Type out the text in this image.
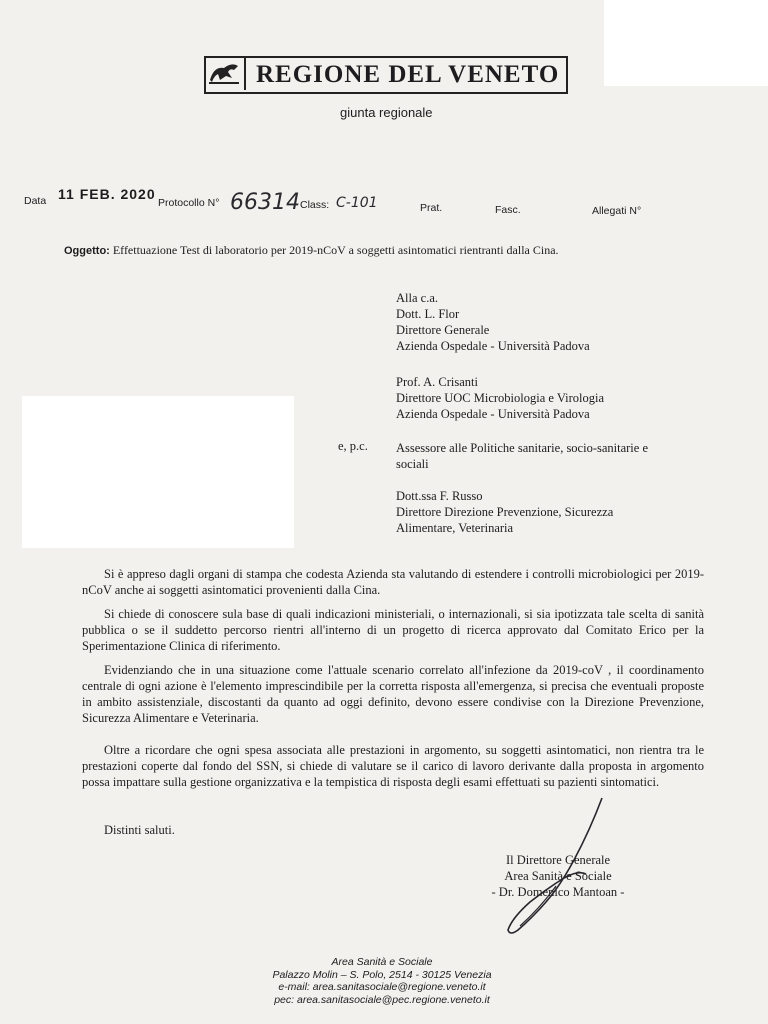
REGIONE DEL VENETO
giunta regionale
Data 11 FEB. 2020
Protocollo N° 66314 Class: C-101	Prat.	Fasc.	Allegati N°
Oggetto: Effettuazione Test di laboratorio per 2019-nCoV a soggetti asintomatici rientranti dalla Cina.
Alla c.a.
Dott. L. Flor
Direttore Generale
Azienda Ospedale - Università Padova
Prof. A. Crisanti
Direttore UOC Microbiologia e Virologia
Azienda Ospedale - Università Padova
e, p.c. Assessore alle Politiche sanitarie, socio-sanitarie e
sociali
Dott.ssa F. Russo
Direttore Direzione Prevenzione, Sicurezza
Alimentare, Veterinaria
Si è appreso dagli organi di stampa che codesta Azienda sta valutando di estendere i controlli microbiologici per 2019-nCoV anche ai soggetti asintomatici provenienti dalla Cina.
Si chiede di conoscere sula base di quali indicazioni ministeriali, o internazionali, si sia ipotizzata tale scelta di sanità pubblica o se il suddetto percorso rientri all'interno di un progetto di ricerca approvato dal Comitato Erico per la Sperimentazione Clinica di riferimento.
Evidenziando che in una situazione come l'attuale scenario correlato all'infezione da 2019-coV , il coordinamento centrale di ogni azione è l'elemento imprescindibile per la corretta risposta all'emergenza, si precisa che eventuali proposte in ambito assistenziale, discostanti da quanto ad oggi definito, devono essere condivise con la Direzione Prevenzione, Sicurezza Alimentare e Veterinaria.
Oltre a ricordare che ogni spesa associata alle prestazioni in argomento, su soggetti asintomatici, non rientra tra le prestazioni coperte dal fondo del SSN, si chiede di valutare se il carico di lavoro derivante dalla proposta in argomento possa impattare sulla gestione organizzativa e la tempistica di risposta degli esami effettuati su pazienti sintomatici.
Distinti saluti.
Il Direttore Generale
Area Sanità e Sociale
- Dr. Domenico Mantoan -
Area Sanità e Sociale
Palazzo Molin – S. Polo, 2514 - 30125 Venezia
e-mail: area.sanitasociale@regione.veneto.it
pec: area.sanitasociale@pec.regione.veneto.it
